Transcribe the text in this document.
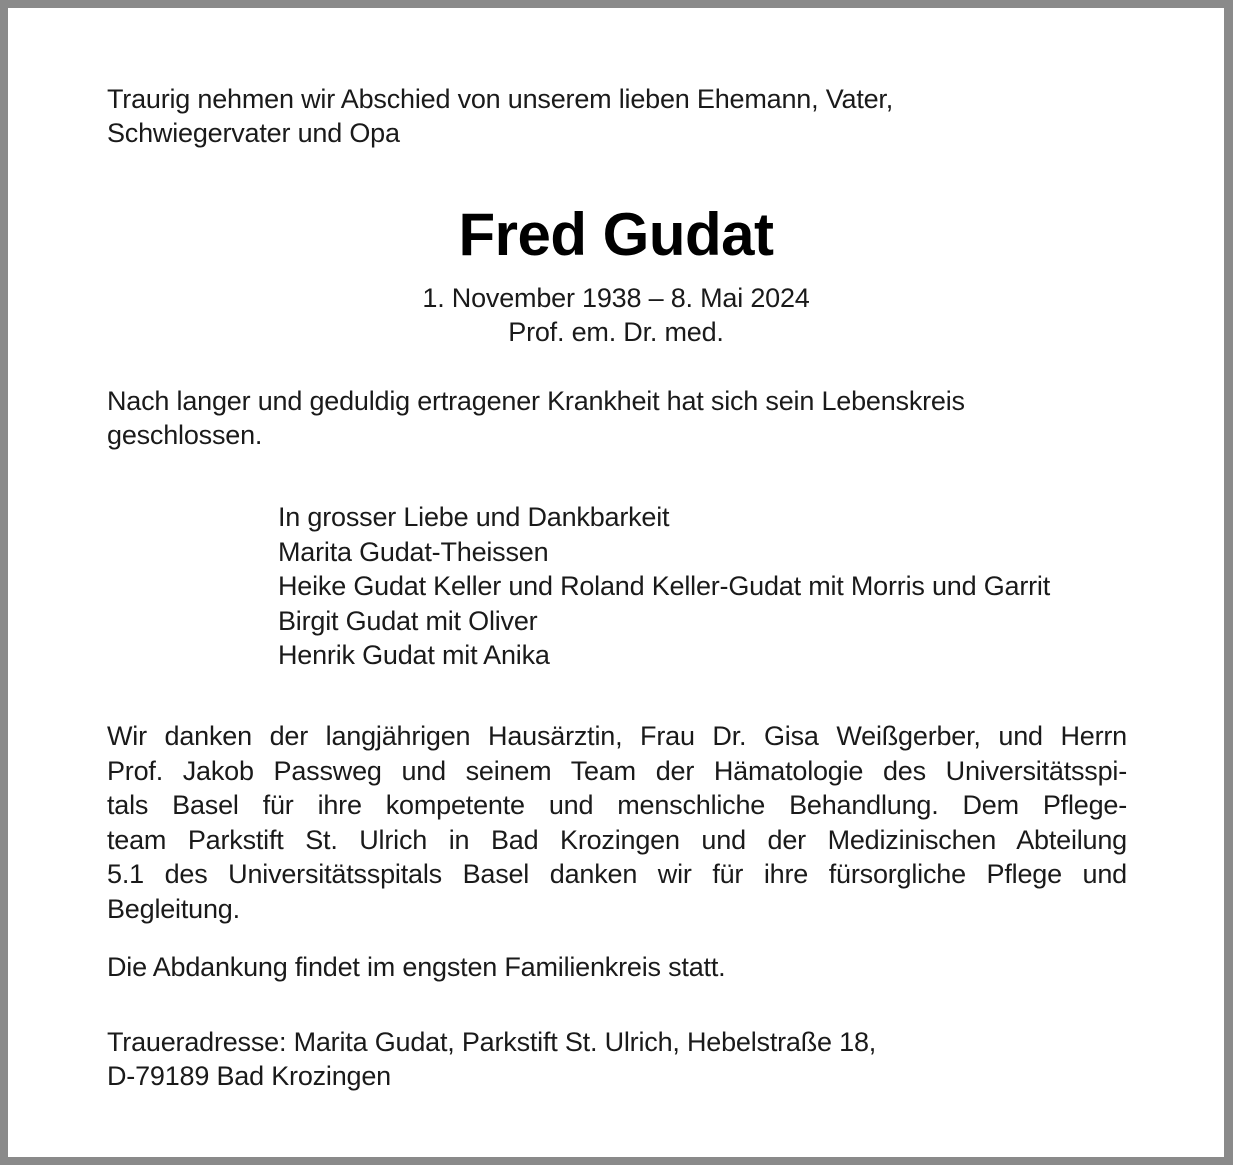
Traurig nehmen wir Abschied von unserem lieben Ehemann, Vater,
Schwiegervater und Opa
Fred Gudat
1. November 1938 – 8. Mai 2024
Prof. em. Dr. med.
Nach langer und geduldig ertragener Krankheit hat sich sein Lebenskreis
geschlossen.
In grosser Liebe und Dankbarkeit
Marita Gudat-Theissen
Heike Gudat Keller und Roland Keller-Gudat mit Morris und Garrit
Birgit Gudat mit Oliver
Henrik Gudat mit Anika
Wir danken der langjährigen Hausärztin, Frau Dr. Gisa Weißgerber, und Herrn
Prof. Jakob Passweg und seinem Team der Hämatologie des Universitätsspi-
tals Basel für ihre kompetente und menschliche Behandlung. Dem Pflege-
team Parkstift St. Ulrich in Bad Krozingen und der Medizinischen Abteilung
5.1 des Universitätsspitals Basel danken wir für ihre fürsorgliche Pflege und
Begleitung.
Die Abdankung findet im engsten Familienkreis statt.
Traueradresse: Marita Gudat, Parkstift St. Ulrich, Hebelstraße 18,
D-79189 Bad Krozingen
